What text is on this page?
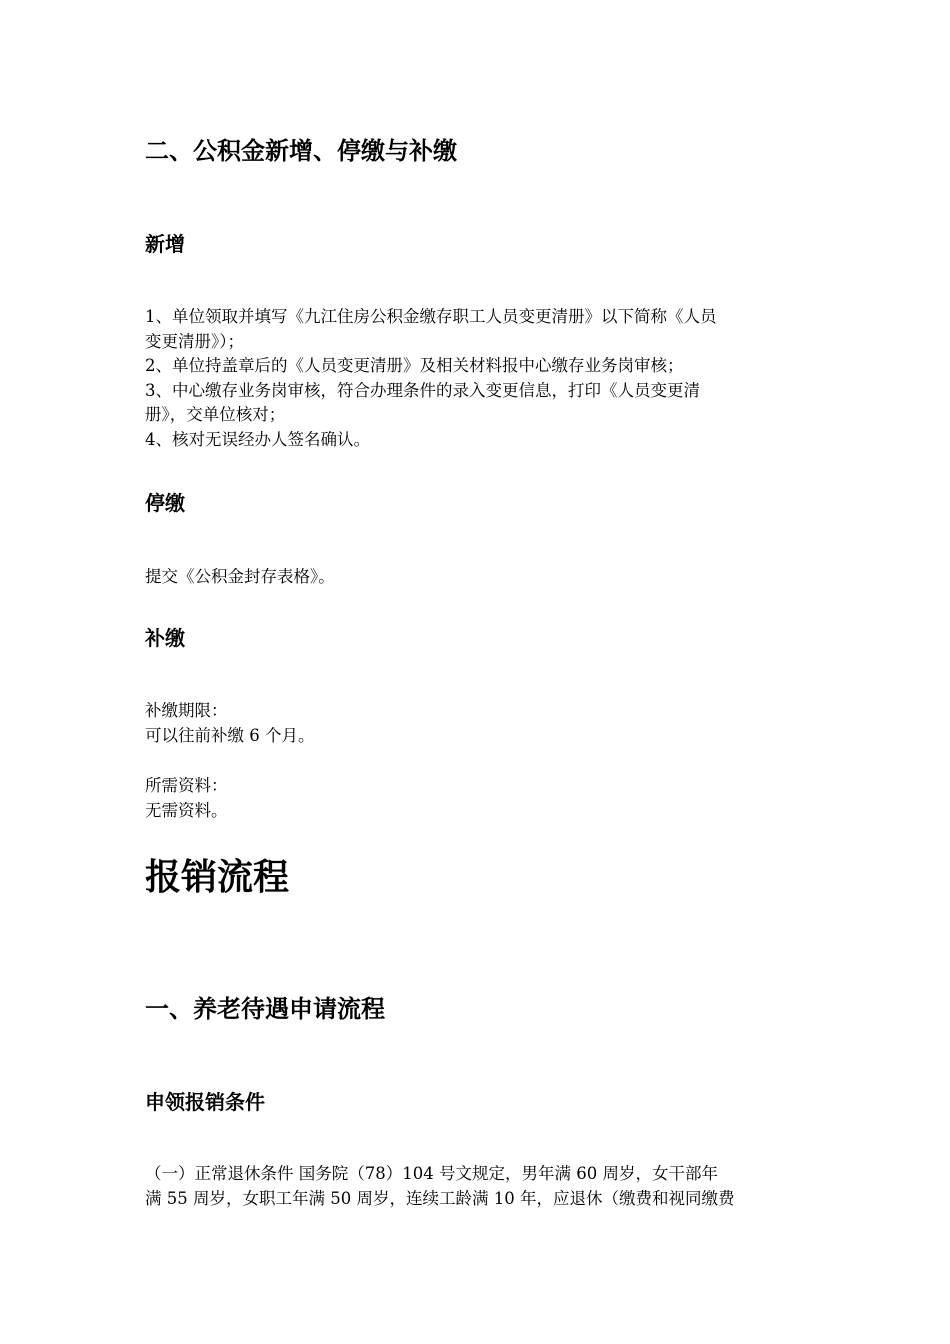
二、公积金新增、停缴与补缴
新增
1、单位领取并填写《九江住房公积金缴存职工人员变更清册》以下简称《人员
变更清册》）；
2、单位持盖章后的《人员变更清册》及相关材料报中心缴存业务岗审核；
3、中心缴存业务岗审核，符合办理条件的录入变更信息，打印《人员变更清
册》，交单位核对；
4、核对无误经办人签名确认。
停缴
提交《公积金封存表格》。
补缴
补缴期限：
可以往前补缴 6 个月。
所需资料：
无需资料。
报销流程
一、养老待遇申请流程
申领报销条件
（一）正常退休条件 国务院（78）104 号文规定，男年满 60 周岁，女干部年
满 55 周岁，女职工年满 50 周岁，连续工龄满 10 年，应退休（缴费和视同缴费
